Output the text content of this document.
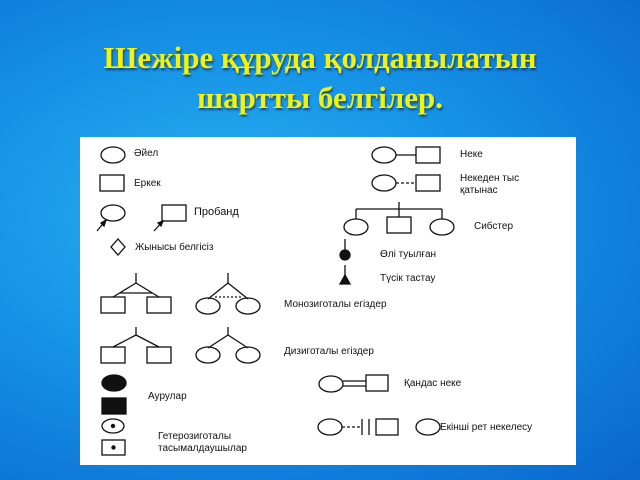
Шежіре құруда қолданылатын
шартты белгілер.
Әйел
Еркек
Пробанд
Жынысы белгісіз
Монозиготалы егіздер
Дизиготалы егіздер
Аурулар
Гетерозиготалы
тасымалдаушылар
Неке
Некеден тыс
қатынас
Сибстер
Өлі туылған
Түсік тастау
Қандас неке
Екінші рет некелесу
